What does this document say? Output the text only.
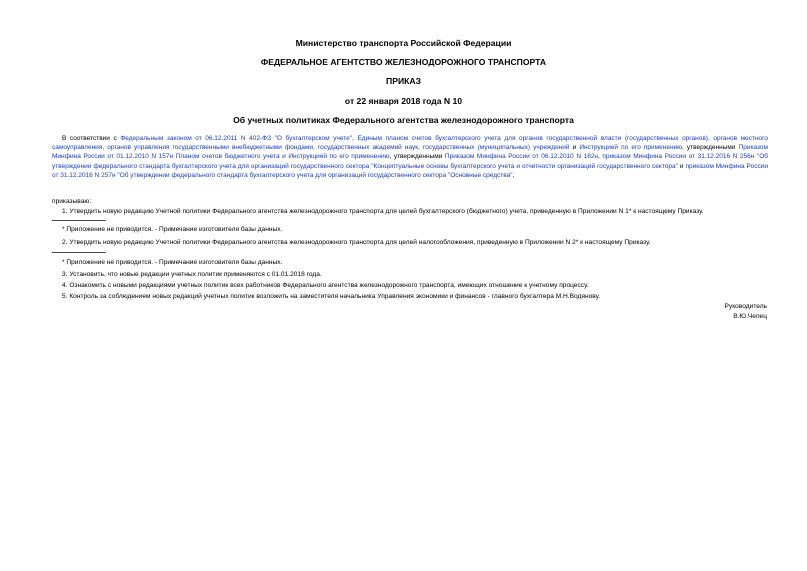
Министерство транспорта Российской Федерации
ФЕДЕРАЛЬНОЕ АГЕНТСТВО ЖЕЛЕЗНОДОРОЖНОГО ТРАНСПОРТА
ПРИКАЗ
от 22 января 2018 года N 10
Об учетных политиках Федерального агентства железнодорожного транспорта
В соответствии с Федеральным законом от 06.12.2011 N 402-ФЗ "О бухгалтерском учете", Единым планом счетов бухгалтерского учета для органов государственной власти (государственных органов), органов местного самоуправления, органов управления государственными внебюджетными фондами, государственных академий наук, государственных (муниципальных) учреждений и Инструкцией по его применению, утвержденными Приказом Минфина России от 01.12.2010 N 157н Планом счетов бюджетного учета и Инструкцией по его применению, утвержденными Приказом Минфина России от 06.12.2010 N 162н, приказом Минфина России от 31.12.2016 N 256н "Об утверждении федерального стандарта бухгалтерского учета для организаций государственного сектора "Концептуальные основы бухгалтерского учета и отчетности организаций государственного сектора" и приказом Минфина России от 31.12.2016 N 257н "Об утверждении федерального стандарта бухгалтерского учета для организаций государственного сектора "Основные средства",
приказываю:
1. Утвердить новую редакцию Учетной политики Федерального агентства железнодорожного транспорта для целей бухгалтерского (бюджетного) учета, приведенную в Приложении N 1* к настоящему Приказу.
* Приложение не приводится. - Примечание изготовителя базы данных.
2. Утвердить новую редакцию Учетной политики Федерального агентства железнодорожного транспорта для целей налогообложения, приведенную в Приложении N 2* к настоящему Приказу.
* Приложение не приводится. - Примечание изготовителя базы данных.
3. Установить, что новые редакции учетных политик применяются с 01.01.2018 года.
4. Ознакомить с новыми редакциями учетных политик всех работников Федерального агентства железнодорожного транспорта, имеющих отношение к учетному процессу.
5. Контроль за соблюдением новых редакций учетных политик возложить на заместителя начальника Управления экономики и финансов - главного бухгалтера М.Н.Водянову.
Руководитель
В.Ю.Чепец
